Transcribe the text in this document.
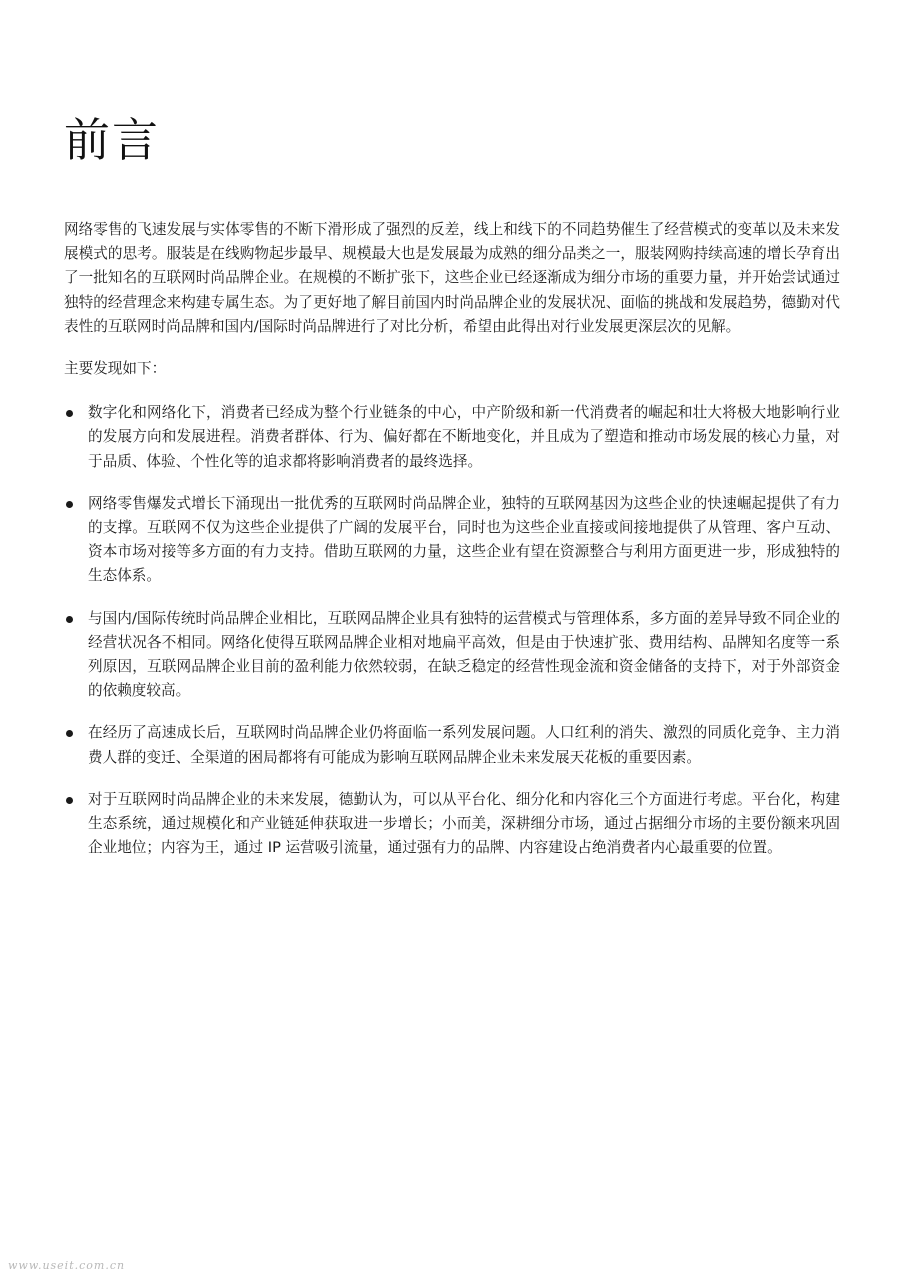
前言

网络零售的飞速发展与实体零售的不断下滑形成了强烈的反差，线上和线下的不同趋势催生了经营模式的变革以及未来发展模式的思考。服装是在线购物起步最早、规模最大也是发展最为成熟的细分品类之一，服装网购持续高速的增长孕育出了一批知名的互联网时尚品牌企业。在规模的不断扩张下，这些企业已经逐渐成为细分市场的重要力量，并开始尝试通过独特的经营理念来构建专属生态。为了更好地了解目前国内时尚品牌企业的发展状况、面临的挑战和发展趋势，德勤对代表性的互联网时尚品牌和国内/国际时尚品牌进行了对比分析，希望由此得出对行业发展更深层次的见解。

主要发现如下：

数字化和网络化下，消费者已经成为整个行业链条的中心，中产阶级和新一代消费者的崛起和壮大将极大地影响行业的发展方向和发展进程。消费者群体、行为、偏好都在不断地变化，并且成为了塑造和推动市场发展的核心力量，对于品质、体验、个性化等的追求都将影响消费者的最终选择。
网络零售爆发式增长下涌现出一批优秀的互联网时尚品牌企业，独特的互联网基因为这些企业的快速崛起提供了有力的支撑。互联网不仅为这些企业提供了广阔的发展平台，同时也为这些企业直接或间接地提供了从管理、客户互动、资本市场对接等多方面的有力支持。借助互联网的力量，这些企业有望在资源整合与利用方面更进一步，形成独特的生态体系。
与国内/国际传统时尚品牌企业相比，互联网品牌企业具有独特的运营模式与管理体系，多方面的差异导致不同企业的经营状况各不相同。网络化使得互联网品牌企业相对地扁平高效，但是由于快速扩张、费用结构、品牌知名度等一系列原因，互联网品牌企业目前的盈利能力依然较弱，在缺乏稳定的经营性现金流和资金储备的支持下，对于外部资金的依赖度较高。
在经历了高速成长后，互联网时尚品牌企业仍将面临一系列发展问题。人口红利的消失、激烈的同质化竞争、主力消费人群的变迁、全渠道的困局都将有可能成为影响互联网品牌企业未来发展天花板的重要因素。
对于互联网时尚品牌企业的未来发展，德勤认为，可以从平台化、细分化和内容化三个方面进行考虑。平台化，构建生态系统，通过规模化和产业链延伸获取进一步增长；小而美，深耕细分市场，通过占据细分市场的主要份额来巩固企业地位；内容为王，通过 IP 运营吸引流量，通过强有力的品牌、内容建设占绝消费者内心最重要的位置。
www.useit.com.cn
